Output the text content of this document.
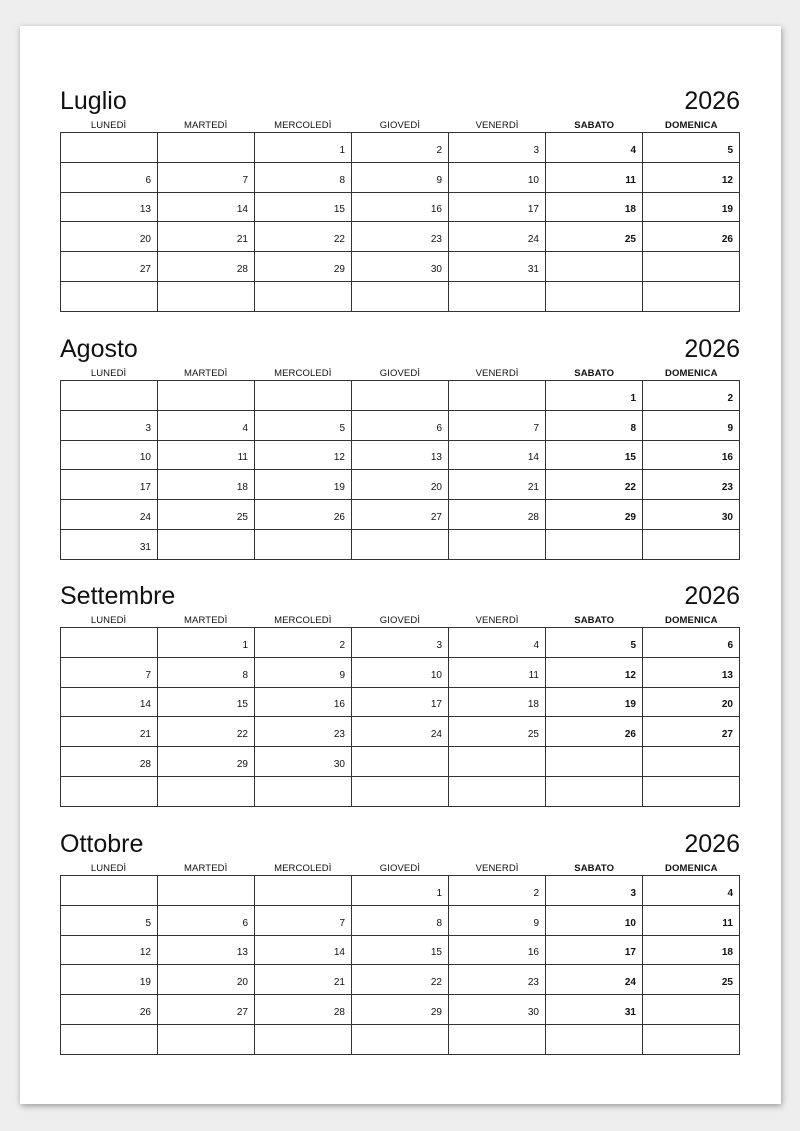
Luglio	2026
LUNEDÌ	MARTEDÌ	MERCOLEDÌ	GIOVEDÌ	VENERDÌ	SABATO	DOMENICA

		1	2	3	4	5

6	7	8	9	10	11	12

13	14	15	16	17	18	19

20	21	22	23	24	25	26

27	28	29	30	31		

Agosto	2026
LUNEDÌ	MARTEDÌ	MERCOLEDÌ	GIOVEDÌ	VENERDÌ	SABATO	DOMENICA

					1	2

3	4	5	6	7	8	9

10	11	12	13	14	15	16

17	18	19	20	21	22	23

24	25	26	27	28	29	30

31						

Settembre	2026
LUNEDÌ	MARTEDÌ	MERCOLEDÌ	GIOVEDÌ	VENERDÌ	SABATO	DOMENICA

	1	2	3	4	5	6

7	8	9	10	11	12	13

14	15	16	17	18	19	20

21	22	23	24	25	26	27

28	29	30				

Ottobre	2026
LUNEDÌ	MARTEDÌ	MERCOLEDÌ	GIOVEDÌ	VENERDÌ	SABATO	DOMENICA

			1	2	3	4

5	6	7	8	9	10	11

12	13	14	15	16	17	18

19	20	21	22	23	24	25

26	27	28	29	30	31	
